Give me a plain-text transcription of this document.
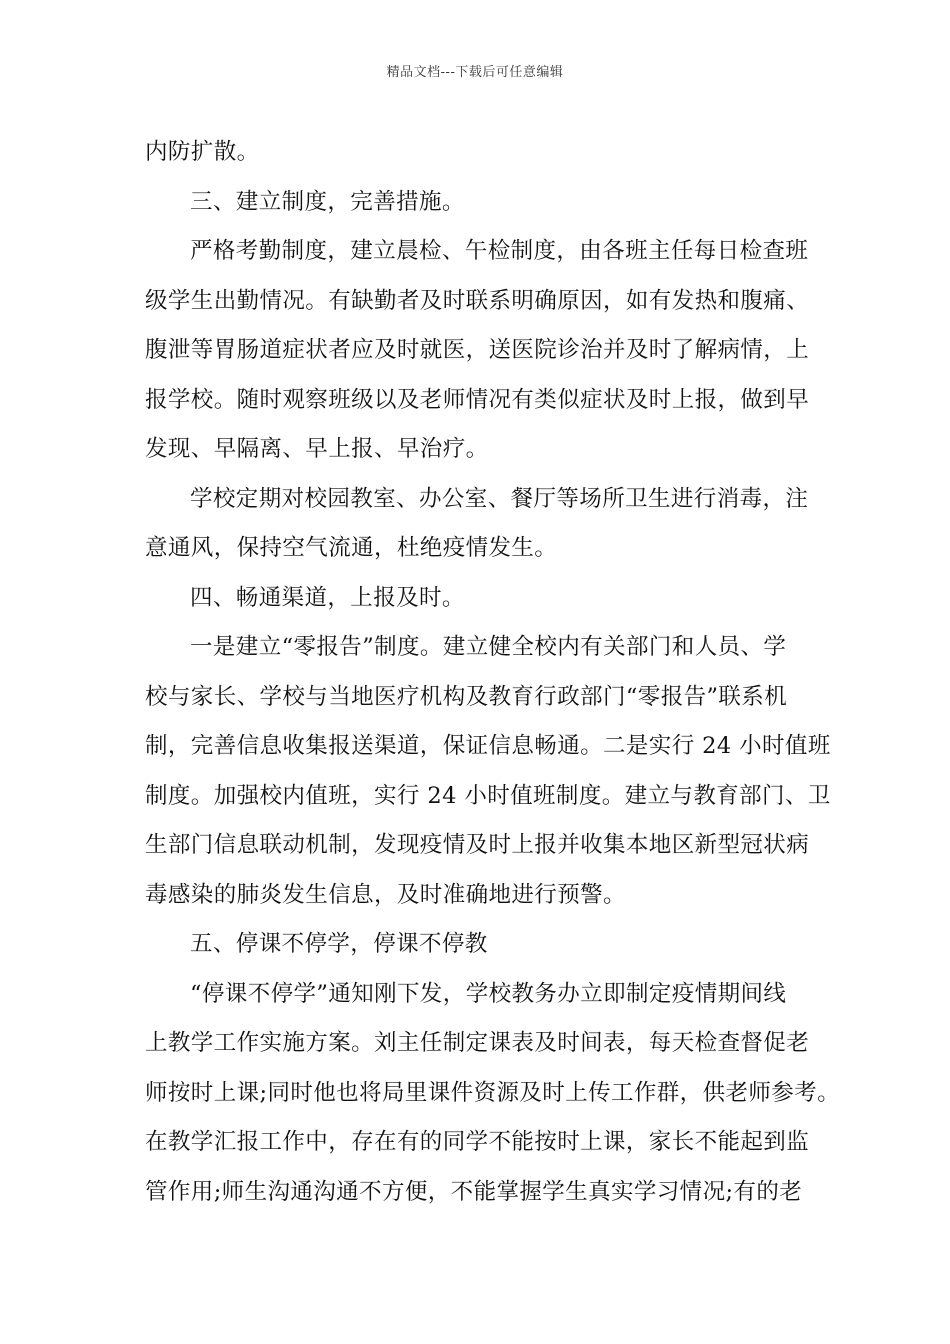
精品文档---下载后可任意编辑
内防扩散。
三、建立制度，完善措施。
严格考勤制度，建立晨检、午检制度，由各班主任每日检查班
级学生出勤情况。有缺勤者及时联系明确原因，如有发热和腹痛、
腹泄等胃肠道症状者应及时就医，送医院诊治并及时了解病情，上
报学校。随时观察班级以及老师情况有类似症状及时上报，做到早
发现、早隔离、早上报、早治疗。
学校定期对校园教室、办公室、餐厅等场所卫生进行消毒，注
意通风，保持空气流通，杜绝疫情发生。
四、畅通渠道，上报及时。
一是建立“零报告”制度。建立健全校内有关部门和人员、学
校与家长、学校与当地医疗机构及教育行政部门“零报告”联系机
制，完善信息收集报送渠道，保证信息畅通。二是实行 24 小时值班
制度。加强校内值班，实行 24 小时值班制度。建立与教育部门、卫
生部门信息联动机制，发现疫情及时上报并收集本地区新型冠状病
毒感染的肺炎发生信息，及时准确地进行预警。
五、停课不停学，停课不停教
“停课不停学”通知刚下发，学校教务办立即制定疫情期间线
上教学工作实施方案。刘主任制定课表及时间表，每天检查督促老
师按时上课;同时他也将局里课件资源及时上传工作群，供老师参考。
在教学汇报工作中，存在有的同学不能按时上课，家长不能起到监
管作用;师生沟通沟通不方便，不能掌握学生真实学习情况;有的老
